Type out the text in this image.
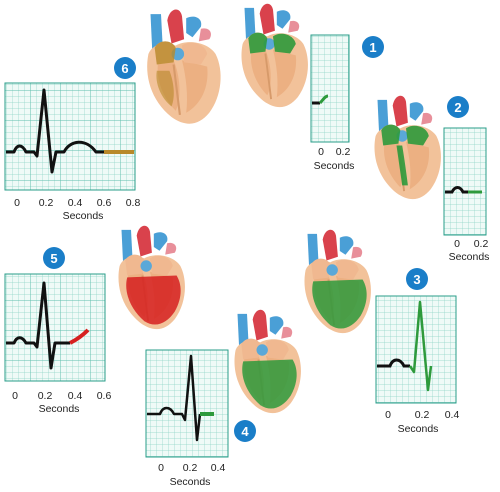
0 0.2 0.4 0.6 0.8
Seconds
0 0.2
Seconds
0 0.2
Seconds
0 0.2 0.4
Seconds
0 0.2 0.4
Seconds
0 0.2 0.4 0.6
Seconds
1
2
3
4
5
6
